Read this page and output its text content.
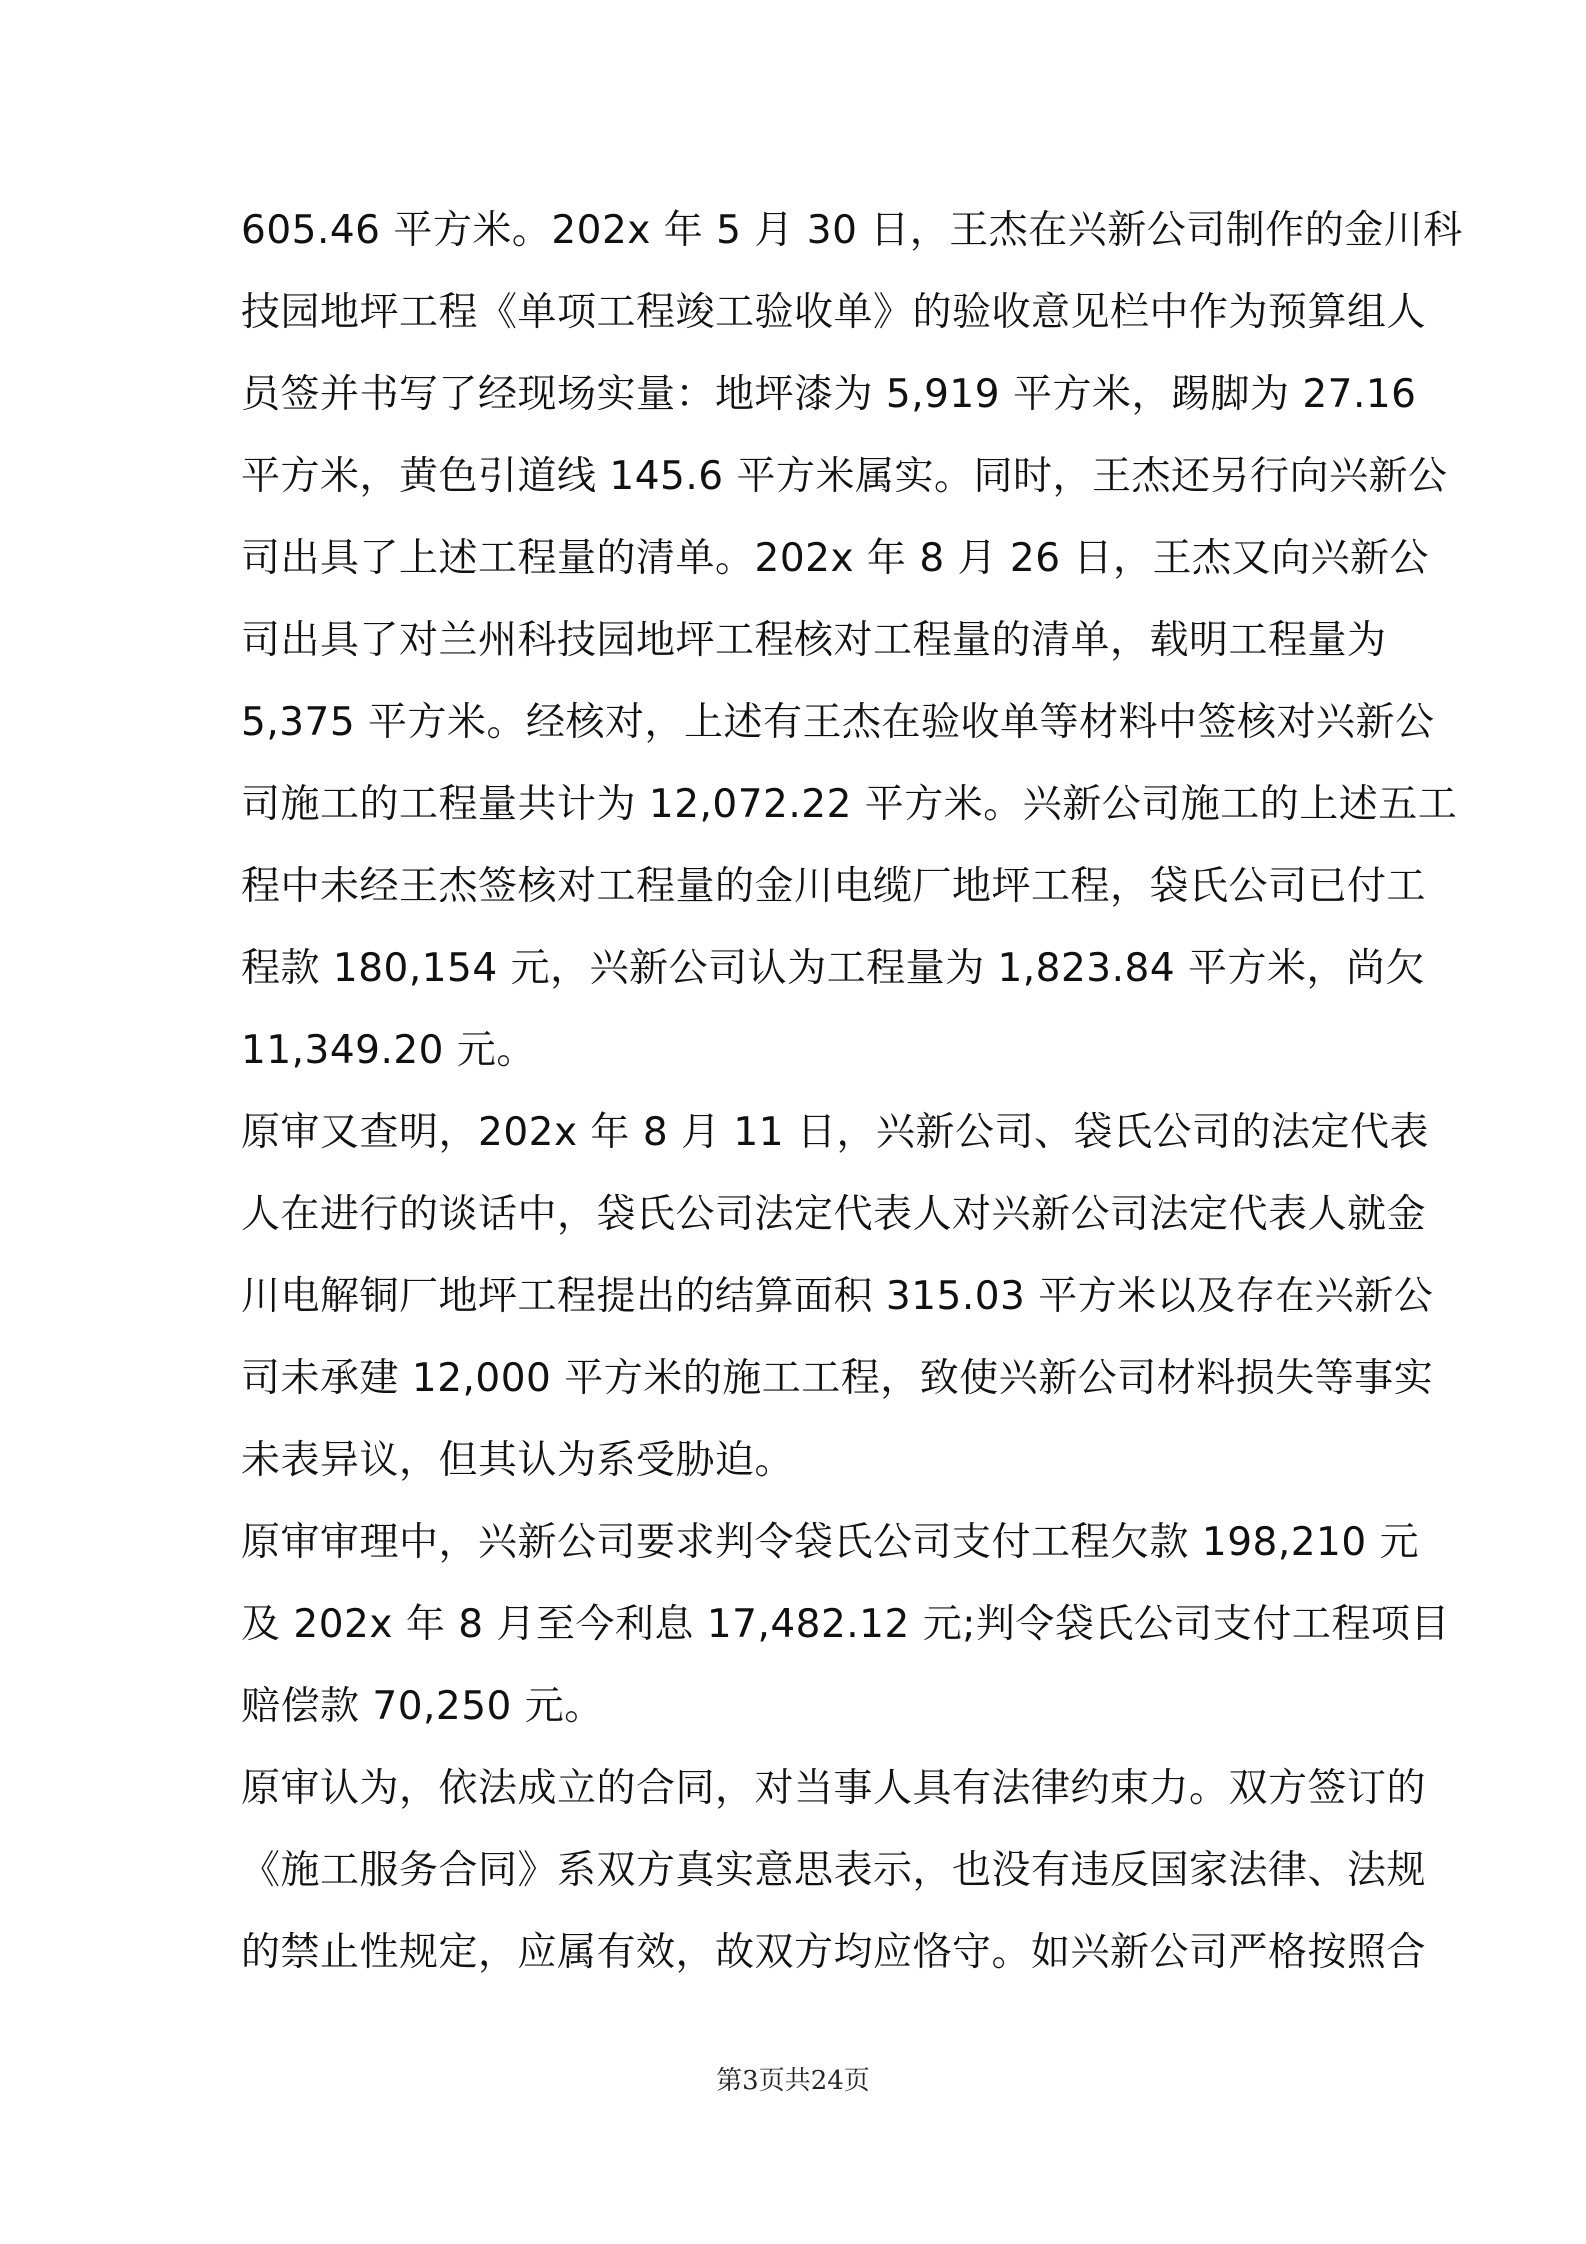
605.46 平方米。202x 年 5 月 30 日，王杰在兴新公司制作的金川科
技园地坪工程《单项工程竣工验收单》的验收意见栏中作为预算组人
员签并书写了经现场实量：地坪漆为 5,919 平方米，踢脚为 27.16
平方米，黄色引道线 145.6 平方米属实。同时，王杰还另行向兴新公
司出具了上述工程量的清单。202x 年 8 月 26 日，王杰又向兴新公
司出具了对兰州科技园地坪工程核对工程量的清单，载明工程量为
5,375 平方米。经核对，上述有王杰在验收单等材料中签核对兴新公
司施工的工程量共计为 12,072.22 平方米。兴新公司施工的上述五工
程中未经王杰签核对工程量的金川电缆厂地坪工程，袋氏公司已付工
程款 180,154 元，兴新公司认为工程量为 1,823.84 平方米，尚欠
11,349.20 元。
原审又查明，202x 年 8 月 11 日，兴新公司、袋氏公司的法定代表
人在进行的谈话中，袋氏公司法定代表人对兴新公司法定代表人就金
川电解铜厂地坪工程提出的结算面积 315.03 平方米以及存在兴新公
司未承建 12,000 平方米的施工工程，致使兴新公司材料损失等事实
未表异议，但其认为系受胁迫。
原审审理中，兴新公司要求判令袋氏公司支付工程欠款 198,210 元
及 202x 年 8 月至今利息 17,482.12 元;判令袋氏公司支付工程项目
赔偿款 70,250 元。
原审认为，依法成立的合同，对当事人具有法律约束力。双方签订的
《施工服务合同》系双方真实意思表示，也没有违反国家法律、法规
的禁止性规定，应属有效，故双方均应恪守。如兴新公司严格按照合
第3页共24页
